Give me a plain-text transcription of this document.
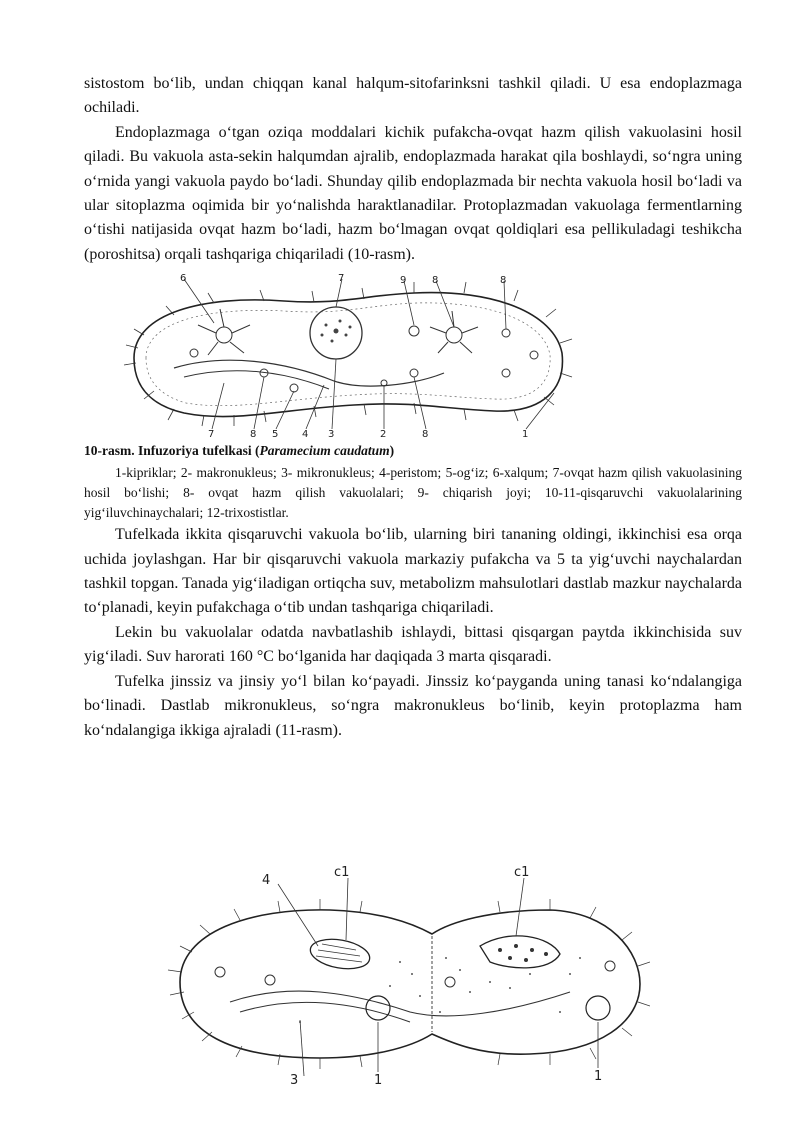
sistostom bo‘lib, undan chiqqan kanal halqum-sitofarinksni tashkil qiladi. U esa endoplazmaga ochiladi.

Endoplazmaga o‘tgan oziqa moddalari kichik pufakcha-ovqat hazm qilish vakuolasini hosil qiladi. Bu vakuola asta-sekin halqumdan ajralib, endoplazmada harakat qila boshlaydi, so‘ngra uning o‘rnida yangi vakuola paydo bo‘ladi. Shunday qilib endoplazmada bir nechta vakuola hosil bo‘ladi va ular sitoplazma oqimida bir yo‘nalishda haraktlanadilar. Protoplazmadan vakuolaga fermentlarning o‘tishi natijasida ovqat hazm bo‘ladi, hazm bo‘lmagan ovqat qoldiqlari esa pellikuladagi teshikcha (poroshitsa) orqali tashqariga chiqariladi (10-rasm).

6	7	9	8	8
7	8 5 4 3	2	8	1
10-rasm. Infuzoriya tufelkasi (Paramecium caudatum)

1-kipriklar; 2- makronukleus; 3- mikronukleus; 4-peristom; 5-og‘iz; 6-xalqum; 7-ovqat hazm qilish vakuolasining hosil bo‘lishi; 8- ovqat hazm qilish vakuolalari; 9- chiqarish joyi; 10-11-qisqaruvchi vakuolalarining yig‘iluvchinaychalari; 12-trixostistlar.

Tufelkada ikkita qisqaruvchi vakuola bo‘lib, ularning biri tananing oldingi, ikkinchisi esa orqa uchida joylashgan. Har bir qisqaruvchi vakuola markaziy pufakcha va 5 ta yig‘uvchi naychalardan tashkil topgan. Tanada yig‘iladigan ortiqcha suv, metabolizm mahsulotlari dastlab mazkur naychalarda to‘planadi, keyin pufakchaga o‘tib undan tashqariga chiqariladi.

Lekin bu vakuolalar odatda navbatlashib ishlaydi, bittasi qisqargan paytda ikkinchisida suv yig‘iladi. Suv harorati 160 °C bo‘lganida har daqiqada 3 marta qisqaradi.

Tufelka jinssiz va jinsiy yo‘l bilan ko‘payadi. Jinssiz ko‘payganda uning tanasi ko‘ndalangiga bo‘linadi. Dastlab mikronukleus, so‘ngra makronukleus bo‘linib, keyin protoplazma ham ko‘ndalangiga ikkiga ajraladi (11-rasm).

4
c1	c1
3	1	1
